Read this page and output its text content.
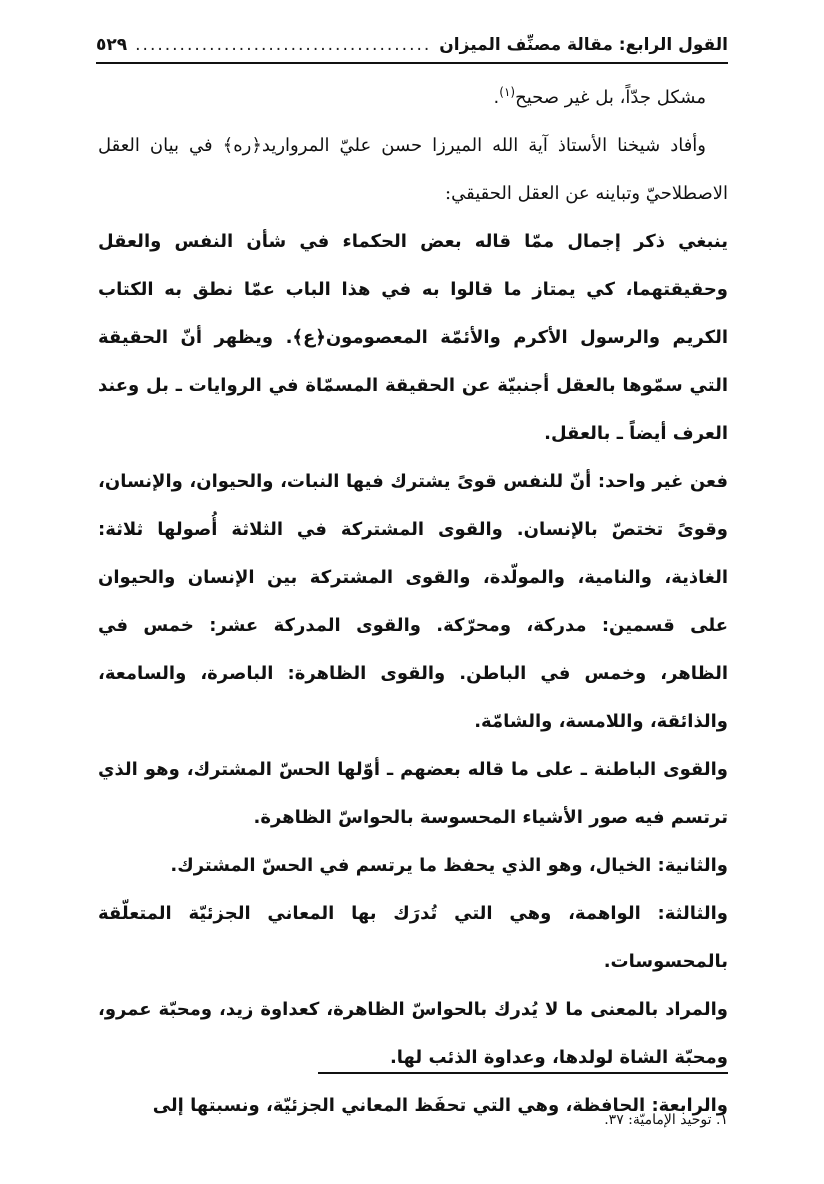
القول الرابع: مقالة مصنِّف الميزان
.....
٥٢٩

مشكل جدّاً، بل غير صحيح$^{(١)}$.

وأفاد شيخنا الأستاذ آية الله الميرزا حسن عليّ المرواريد﴿ره﴾ في بيان العقل الاصطلاحيّ وتباينه عن العقل الحقيقي:

ينبغي ذكر إجمال ممّا قاله بعض الحكماء في شأن النفس والعقل وحقيقتهما، كي يمتاز ما قالوا به في هذا الباب عمّا نطق به الكتاب الكريم والرسول الأكرم والأئمّة المعصومون﴿ع﴾. ويظهر أنّ الحقيقة التي سمّوها بالعقل أجنبيّة عن الحقيقة المسمّاة في الروايات ـ بل وعند العرف أيضاً ـ بالعقل.

فعن غير واحد: أنّ للنفس قوىً يشترك فيها النبات، والحيوان، والإنسان، وقوىً تختصّ بالإنسان. والقوى المشتركة في الثلاثة أُصولها ثلاثة: الغاذية، والنامية، والمولّدة، والقوى المشتركة بين الإنسان والحيوان على قسمين: مدركة، ومحرّكة. والقوى المدركة عشر: خمس في الظاهر، وخمس في الباطن. والقوى الظاهرة: الباصرة، والسامعة، والذائقة، واللامسة، والشامّة.

والقوى الباطنة ـ على ما قاله بعضهم ـ أوّلها الحسّ المشترك، وهو الذي ترتسم فيه صور الأشياء المحسوسة بالحواسّ الظاهرة.

والثانية: الخيال، وهو الذي يحفظ ما يرتسم في الحسّ المشترك.

والثالثة: الواهمة، وهي التي تُدرَك بها المعاني الجزئيّة المتعلّقة بالمحسوسات.

والمراد بالمعنى ما لا يُدرك بالحواسّ الظاهرة، كعداوة زيد، ومحبّة عمرو، ومحبّة الشاة لولدها، وعداوة الذئب لها.

والرابعة: الحافظة، وهي التي تحفَظ المعاني الجزئيّة، ونسبتها إلى

١. توحيد الإماميّة: ٣٧.
